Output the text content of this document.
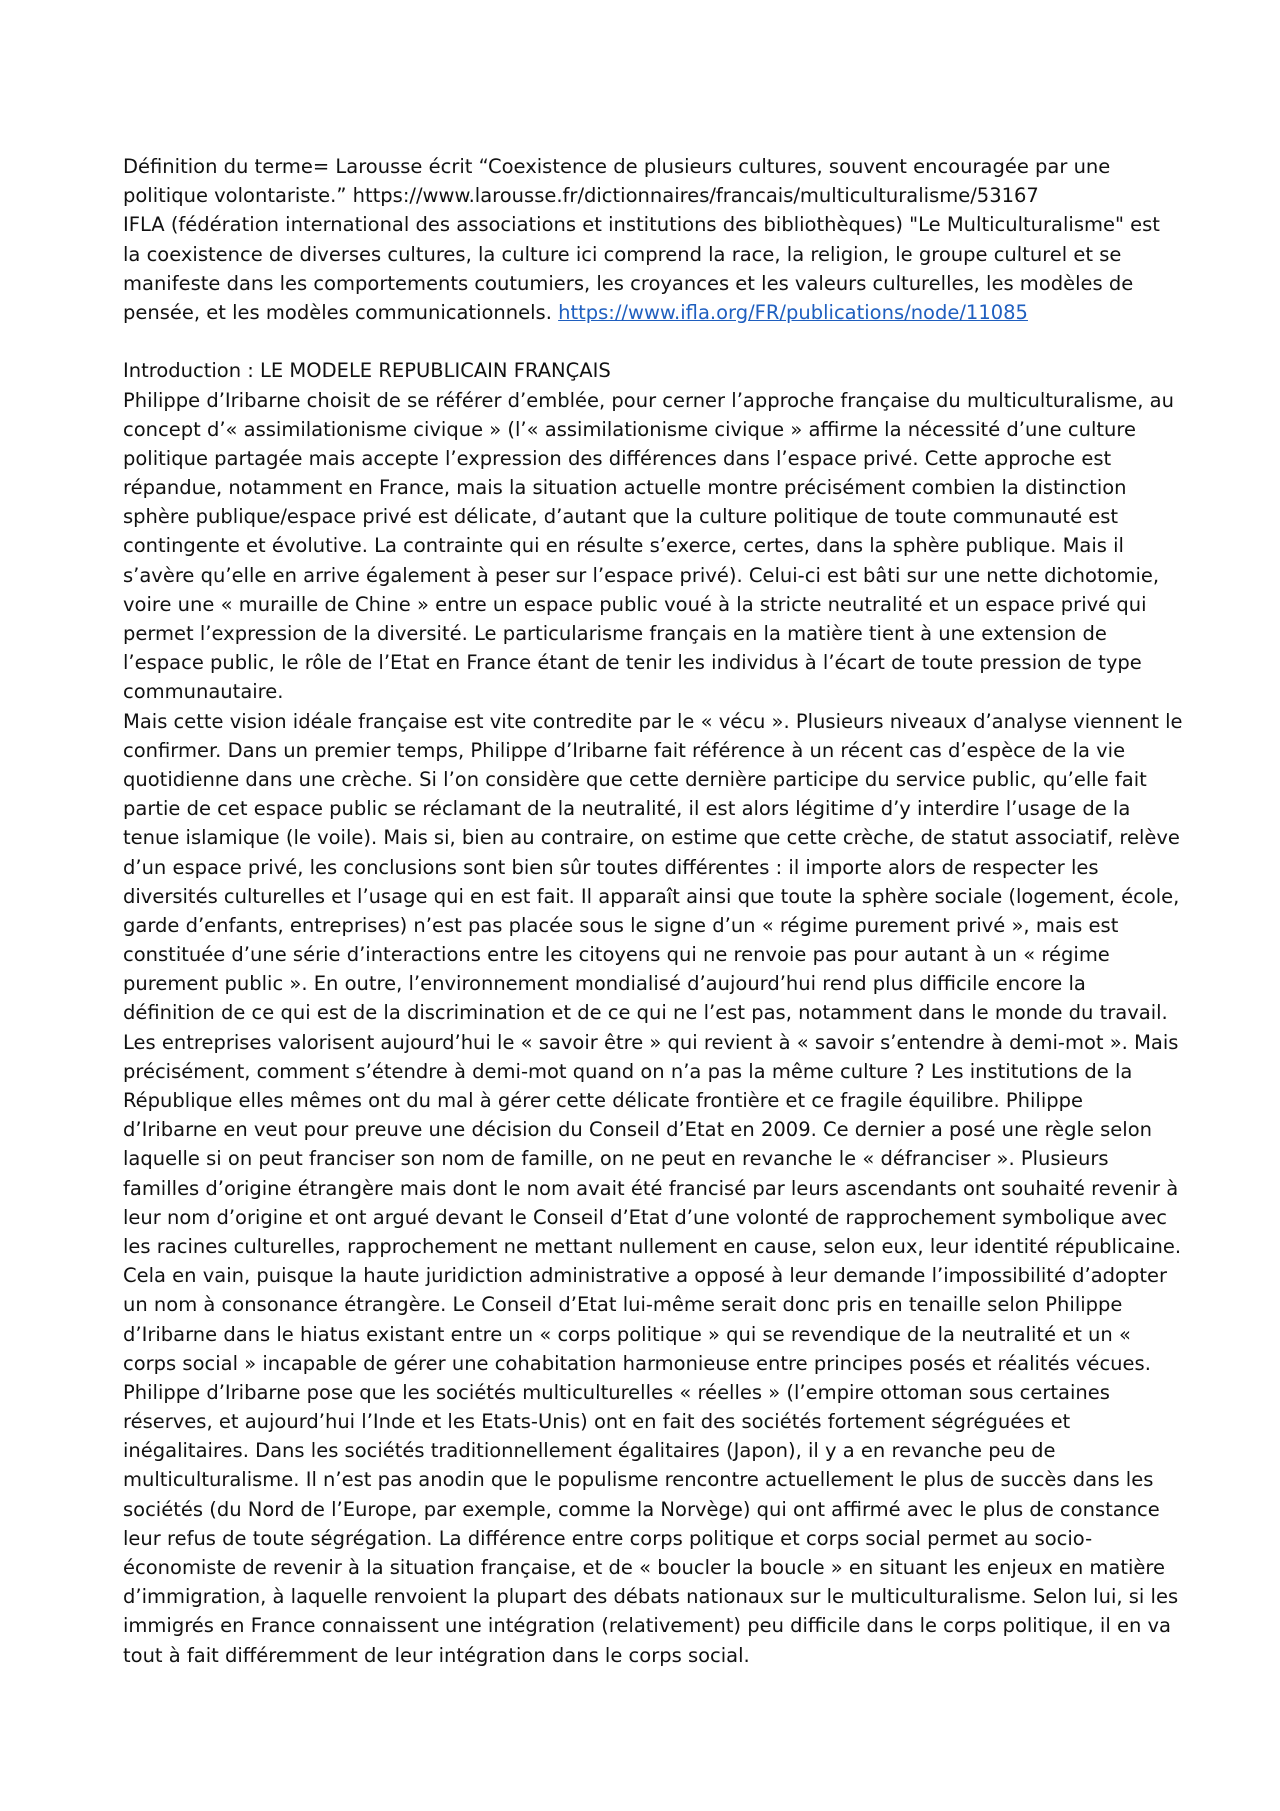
Définition du terme= Larousse écrit “Coexistence de plusieurs cultures, souvent encouragée par une
politique volontariste.” https://www.larousse.fr/dictionnaires/francais/multiculturalisme/53167
IFLA (fédération international des associations et institutions des bibliothèques) "Le Multiculturalisme" est
la coexistence de diverses cultures, la culture ici comprend la race, la religion, le groupe culturel et se
manifeste dans les comportements coutumiers, les croyances et les valeurs culturelles, les modèles de
pensée, et les modèles communicationnels. https://www.ifla.org/FR/publications/node/11085
Introduction : LE MODELE REPUBLICAIN FRANÇAIS
Philippe d’Iribarne choisit de se référer d’emblée, pour cerner l’approche française du multiculturalisme, au
concept d’« assimilationisme civique » (l’« assimilationisme civique » affirme la nécessité d’une culture
politique partagée mais accepte l’expression des différences dans l’espace privé. Cette approche est
répandue, notamment en France, mais la situation actuelle montre précisément combien la distinction
sphère publique/espace privé est délicate, d’autant que la culture politique de toute communauté est
contingente et évolutive. La contrainte qui en résulte s’exerce, certes, dans la sphère publique. Mais il
s’avère qu’elle en arrive également à peser sur l’espace privé). Celui-ci est bâti sur une nette dichotomie,
voire une « muraille de Chine » entre un espace public voué à la stricte neutralité et un espace privé qui
permet l’expression de la diversité. Le particularisme français en la matière tient à une extension de
l’espace public, le rôle de l’Etat en France étant de tenir les individus à l’écart de toute pression de type
communautaire.
Mais cette vision idéale française est vite contredite par le « vécu ». Plusieurs niveaux d’analyse viennent le
confirmer. Dans un premier temps, Philippe d’Iribarne fait référence à un récent cas d’espèce de la vie
quotidienne dans une crèche. Si l’on considère que cette dernière participe du service public, qu’elle fait
partie de cet espace public se réclamant de la neutralité, il est alors légitime d’y interdire l’usage de la
tenue islamique (le voile). Mais si, bien au contraire, on estime que cette crèche, de statut associatif, relève
d’un espace privé, les conclusions sont bien sûr toutes différentes : il importe alors de respecter les
diversités culturelles et l’usage qui en est fait. Il apparaît ainsi que toute la sphère sociale (logement, école,
garde d’enfants, entreprises) n’est pas placée sous le signe d’un « régime purement privé », mais est
constituée d’une série d’interactions entre les citoyens qui ne renvoie pas pour autant à un « régime
purement public ». En outre, l’environnement mondialisé d’aujourd’hui rend plus difficile encore la
définition de ce qui est de la discrimination et de ce qui ne l’est pas, notamment dans le monde du travail.
Les entreprises valorisent aujourd’hui le « savoir être » qui revient à « savoir s’entendre à demi-mot ». Mais
précisément, comment s’étendre à demi-mot quand on n’a pas la même culture ? Les institutions de la
République elles mêmes ont du mal à gérer cette délicate frontière et ce fragile équilibre. Philippe
d’Iribarne en veut pour preuve une décision du Conseil d’Etat en 2009. Ce dernier a posé une règle selon
laquelle si on peut franciser son nom de famille, on ne peut en revanche le « défranciser ». Plusieurs
familles d’origine étrangère mais dont le nom avait été francisé par leurs ascendants ont souhaité revenir à
leur nom d’origine et ont argué devant le Conseil d’Etat d’une volonté de rapprochement symbolique avec
les racines culturelles, rapprochement ne mettant nullement en cause, selon eux, leur identité républicaine.
Cela en vain, puisque la haute juridiction administrative a opposé à leur demande l’impossibilité d’adopter
un nom à consonance étrangère. Le Conseil d’Etat lui-même serait donc pris en tenaille selon Philippe
d’Iribarne dans le hiatus existant entre un « corps politique » qui se revendique de la neutralité et un «
corps social » incapable de gérer une cohabitation harmonieuse entre principes posés et réalités vécues.
Philippe d’Iribarne pose que les sociétés multiculturelles « réelles » (l’empire ottoman sous certaines
réserves, et aujourd’hui l’Inde et les Etats-Unis) ont en fait des sociétés fortement ségréguées et
inégalitaires. Dans les sociétés traditionnellement égalitaires (Japon), il y a en revanche peu de
multiculturalisme. Il n’est pas anodin que le populisme rencontre actuellement le plus de succès dans les
sociétés (du Nord de l’Europe, par exemple, comme la Norvège) qui ont affirmé avec le plus de constance
leur refus de toute ségrégation. La différence entre corps politique et corps social permet au socio-
économiste de revenir à la situation française, et de « boucler la boucle » en situant les enjeux en matière
d’immigration, à laquelle renvoient la plupart des débats nationaux sur le multiculturalisme. Selon lui, si les
immigrés en France connaissent une intégration (relativement) peu difficile dans le corps politique, il en va
tout à fait différemment de leur intégration dans le corps social.
